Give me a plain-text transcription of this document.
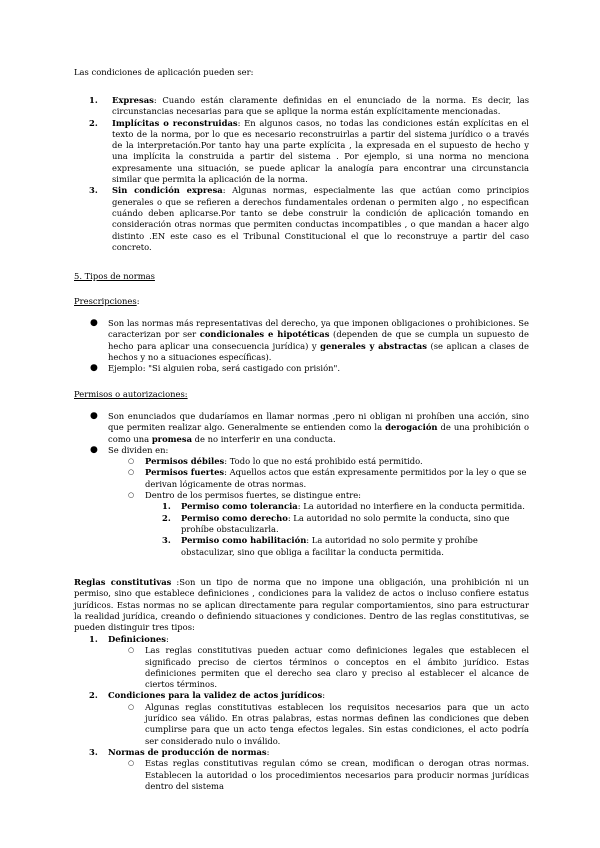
Las condiciones de aplicación pueden ser:

1. Expresas: Cuando están claramente definidas en el enunciado de la norma. Es decir, las circunstancias necesarias para que se aplique la norma están explícitamente mencionadas.

2. Implícitas o reconstruidas: En algunos casos, no todas las condiciones están explícitas en el texto de la norma, por lo que es necesario reconstruirlas a partir del sistema jurídico o a través de la interpretación.Por tanto hay una parte explícita , la expresada en el supuesto de hecho y una implícita la construida a partir del sistema . Por ejemplo, si una norma no menciona expresamente una situación, se puede aplicar la analogía para encontrar una circunstancia similar que permita la aplicación de la norma.

3. Sin condición expresa: Algunas normas, especialmente las que actúan como principios generales o que se refieren a derechos fundamentales ordenan o permiten algo , no especifican cuándo deben aplicarse.Por tanto se debe construir la condición de aplicación tomando en consideración otras normas que permiten conductas incompatibles , o que mandan a hacer algo distinto .EN este caso es el Tribunal Constitucional el que lo reconstruye a partir del caso concreto.

5. Tipos de normas

Prescripciones:

● Son las normas más representativas del derecho, ya que imponen obligaciones o prohibiciones. Se caracterizan por ser condicionales e hipotéticas (dependen de que se cumpla un supuesto de hecho para aplicar una consecuencia jurídica) y generales y abstractas (se aplican a clases de hechos y no a situaciones específicas).

● Ejemplo: "Si alguien roba, será castigado con prisión".

Permisos o autorizaciones:

● Son enunciados que dudaríamos en llamar normas ,pero ni obligan ni prohíben una acción, sino que permiten realizar algo. Generalmente se entienden como la derogación de una prohibición o como una promesa de no interferir en una conducta.

● Se dividen en:

○ Permisos débiles: Todo lo que no está prohibido está permitido.

○ Permisos fuertes: Aquellos actos que están expresamente permitidos por la ley o que se derivan lógicamente de otras normas.

○ Dentro de los permisos fuertes, se distingue entre:

1. Permiso como tolerancia: La autoridad no interfiere en la conducta permitida.

2. Permiso como derecho: La autoridad no solo permite la conducta, sino que prohíbe obstaculizarla.

3. Permiso como habilitación: La autoridad no solo permite y prohíbe obstaculizar, sino que obliga a facilitar la conducta permitida.

Reglas constitutivas :Son un tipo de norma que no impone una obligación, una prohibición ni un permiso, sino que establece definiciones , condiciones para la validez de actos o incluso confiere estatus jurídicos. Estas normas no se aplican directamente para regular comportamientos, sino para estructurar la realidad jurídica, creando o definiendo situaciones y condiciones. Dentro de las reglas constitutivas, se pueden distinguir tres tipos:

1. Definiciones:

○ Las reglas constitutivas pueden actuar como definiciones legales que establecen el significado preciso de ciertos términos o conceptos en el ámbito jurídico. Estas definiciones permiten que el derecho sea claro y preciso al establecer el alcance de ciertos términos.

2. Condiciones para la validez de actos jurídicos:

○ Algunas reglas constitutivas establecen los requisitos necesarios para que un acto jurídico sea válido. En otras palabras, estas normas definen las condiciones que deben cumplirse para que un acto tenga efectos legales. Sin estas condiciones, el acto podría ser considerado nulo o inválido.

3. Normas de producción de normas:

○ Estas reglas constitutivas regulan cómo se crean, modifican o derogan otras normas. Establecen la autoridad o los procedimientos necesarios para producir normas jurídicas dentro del sistema
